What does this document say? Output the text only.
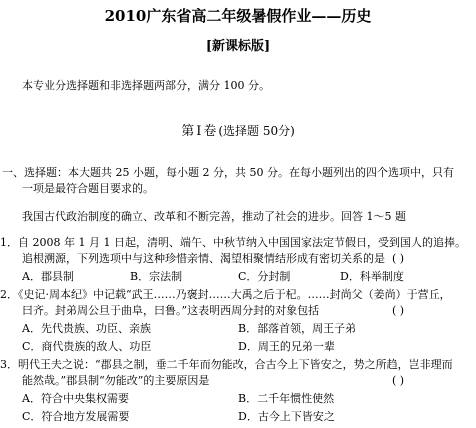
2010广东省高二年级暑假作业——历史
[新课标版]
本专业分选择题和非选择题两部分，满分 100 分。
第Ⅰ卷(选择题 50分)
一、选择题：本大题共 25 小题，每小题 2 分，共 50 分。在每小题列出的四个选项中，只有
一项是最符合题目要求的。
我国古代政治制度的确立、改革和不断完善，推动了社会的进步。回答 1～5 题
1．自 2008 年 1 月 1 日起，清明、端午、中秋节纳入中国国家法定节假日，受到国人的追捧。
追根溯源，下列选项中与这种珍惜亲情、渴望相聚情结形成有密切关系的是 ( )
A．郡县制	B．宗法制	C．分封制	D．科举制度
2．《史记·周本纪》中记载“武王……乃褒封……大禹之后于杞。……封尚父（姜尚）于营丘，
曰齐。封弟周公旦于曲阜，曰鲁。”这表明西周分封的对象包括	( )
A．先代贵族、功臣、亲族	B．部落首领，周王子弟
C．商代贵族的敌人、功臣	D．周王的兄弟一辈
3．明代王夫之说：“郡县之制，垂二千年而勿能改，合古今上下皆安之，势之所趋，岂非理而
能然哉。”郡县制“勿能改”的主要原因是	( )
A．符合中央集权需要	B．二千年惯性使然
C．符合地方发展需要	D．古今上下皆安之
